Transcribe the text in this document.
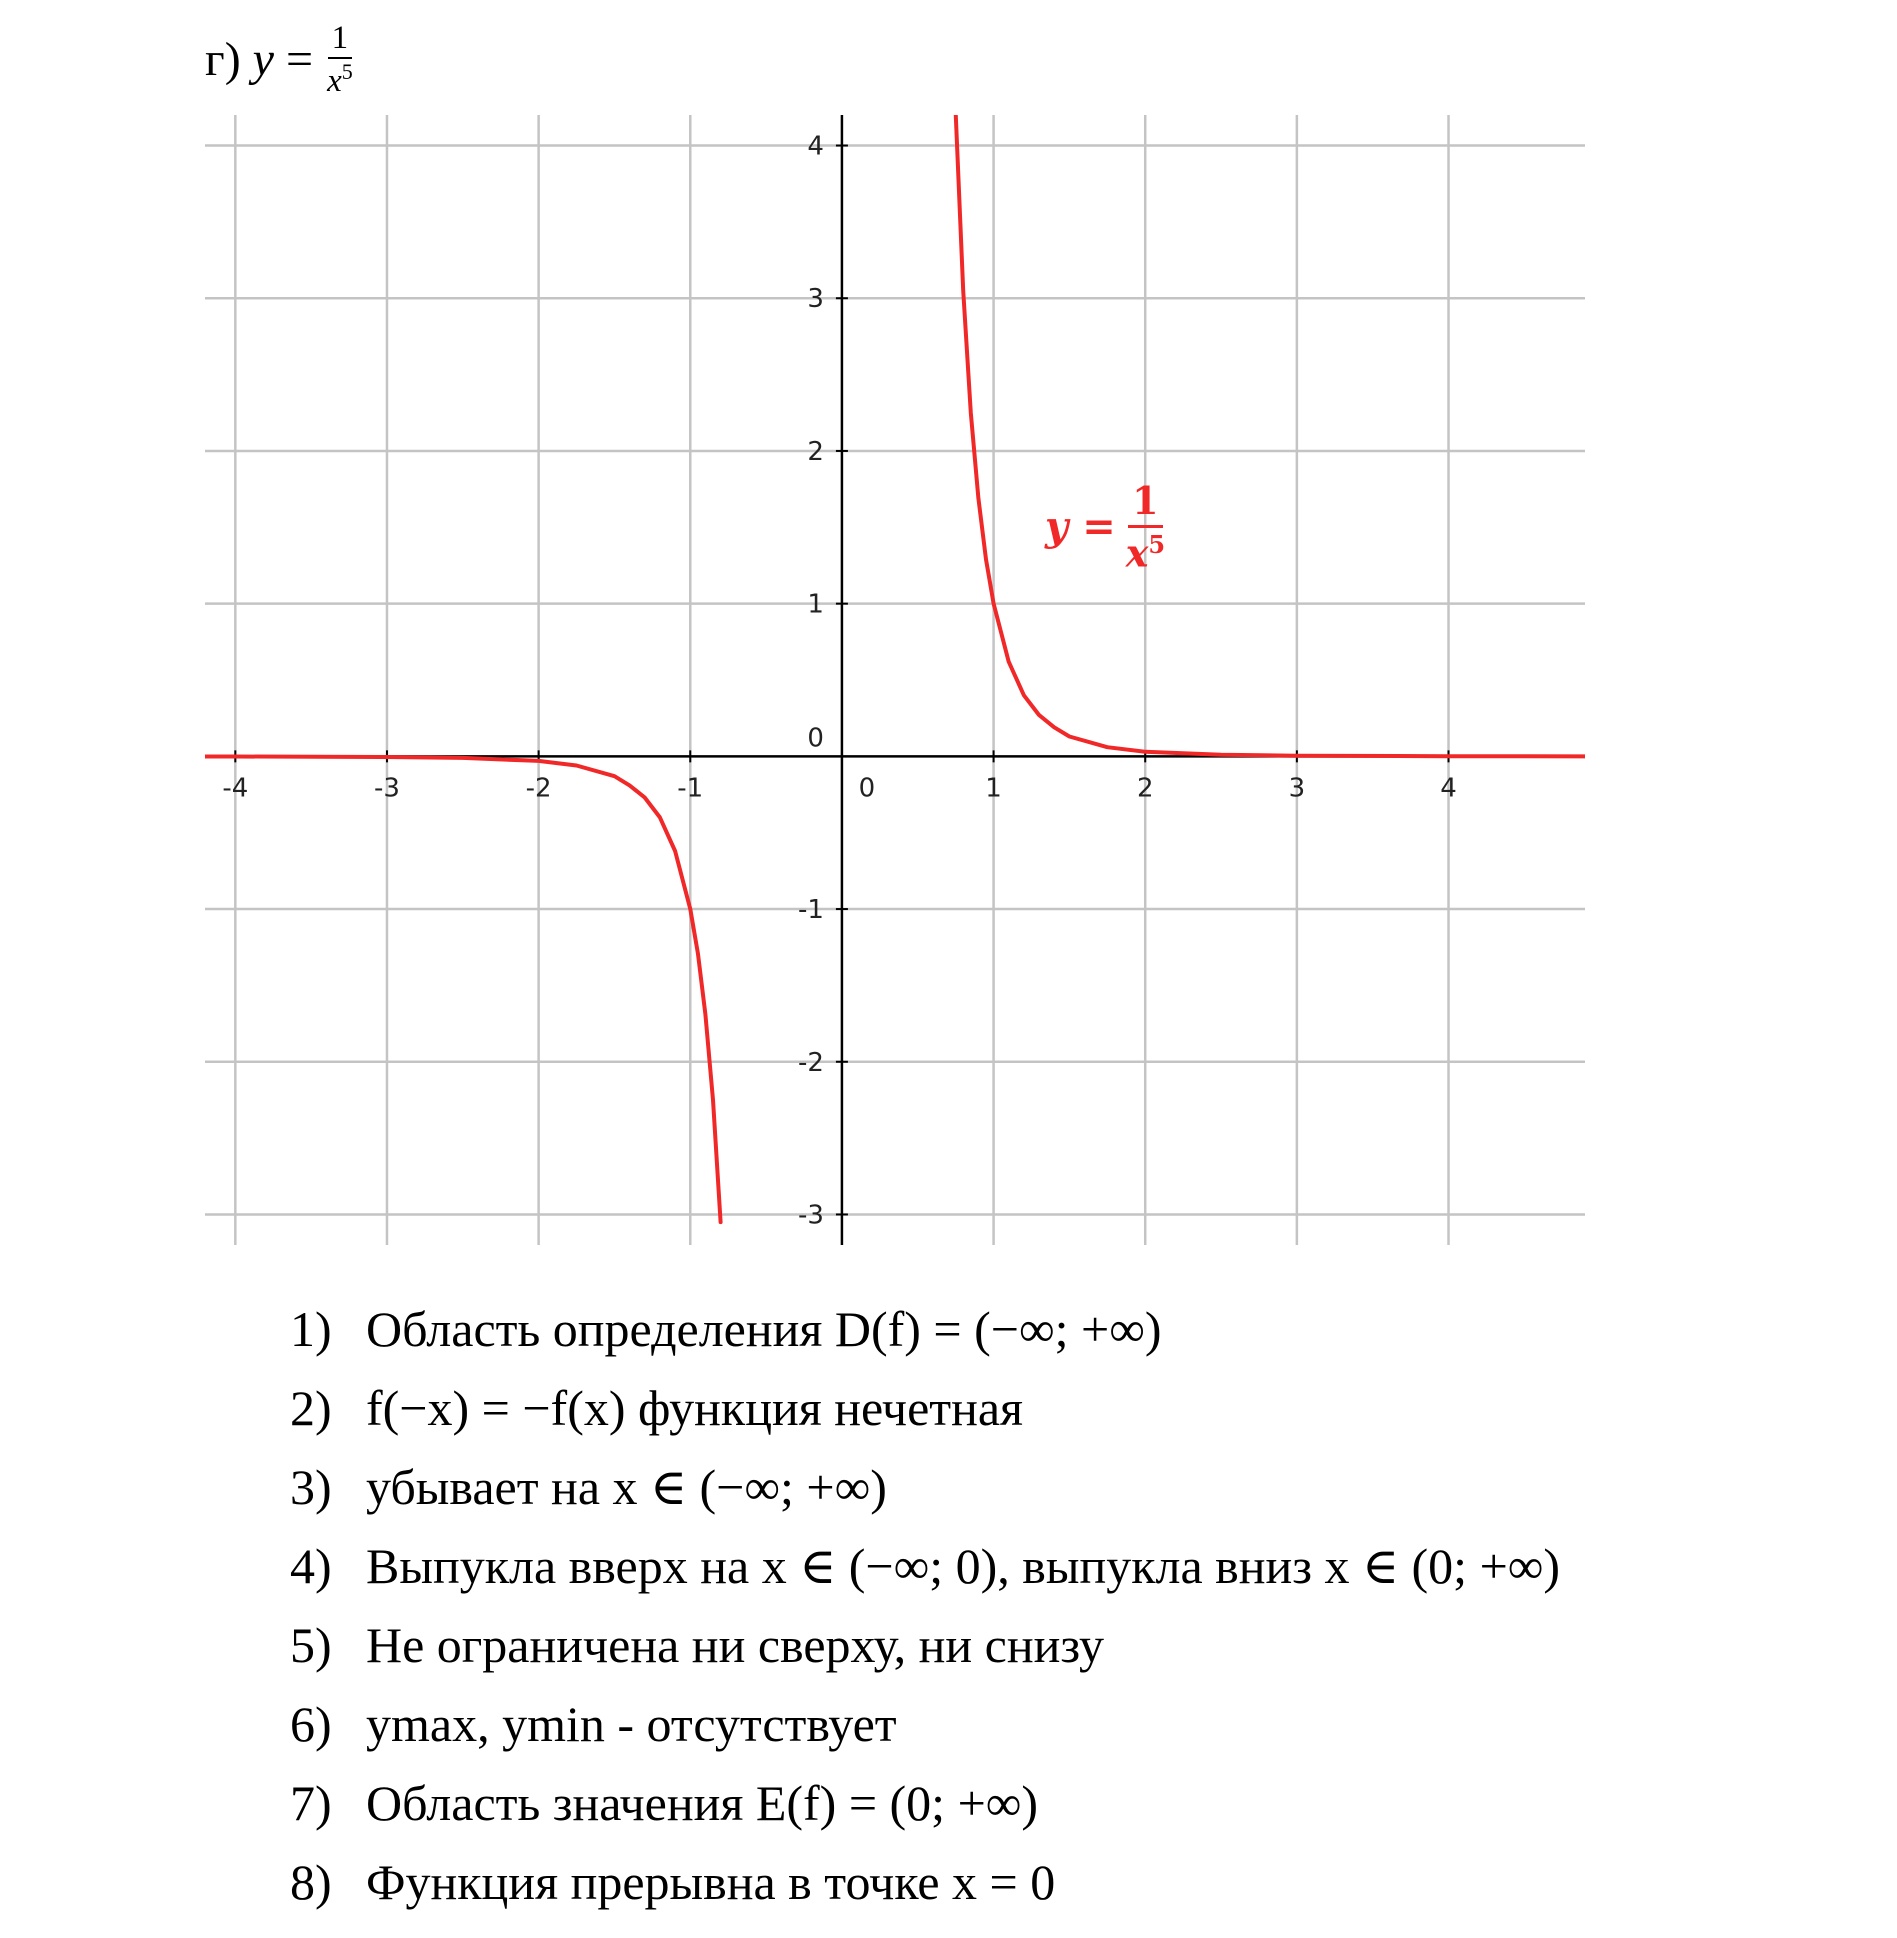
г)
y
= $\frac{1}{x^5}$
-4	-3	-2	-1	1	2	3	4
-3
-2
-1
1
2
3
4
0
0
y
= $\frac{1}{x^5}$
1) Область определения D(f) = (−∞; +∞)
2) f(−x) = −f(x) функция нечетная
3) убывает на x ∈ (−∞; +∞)
4) Выпукла вверх на x ∈ (−∞; 0), выпукла вниз x ∈ (0; +∞)
5) Не ограничена ни сверху, ни снизу
6) ymax, ymin - отсутствует
7) Область значения E(f) = (0; +∞)
8) Функция прерывна в точке x = 0
